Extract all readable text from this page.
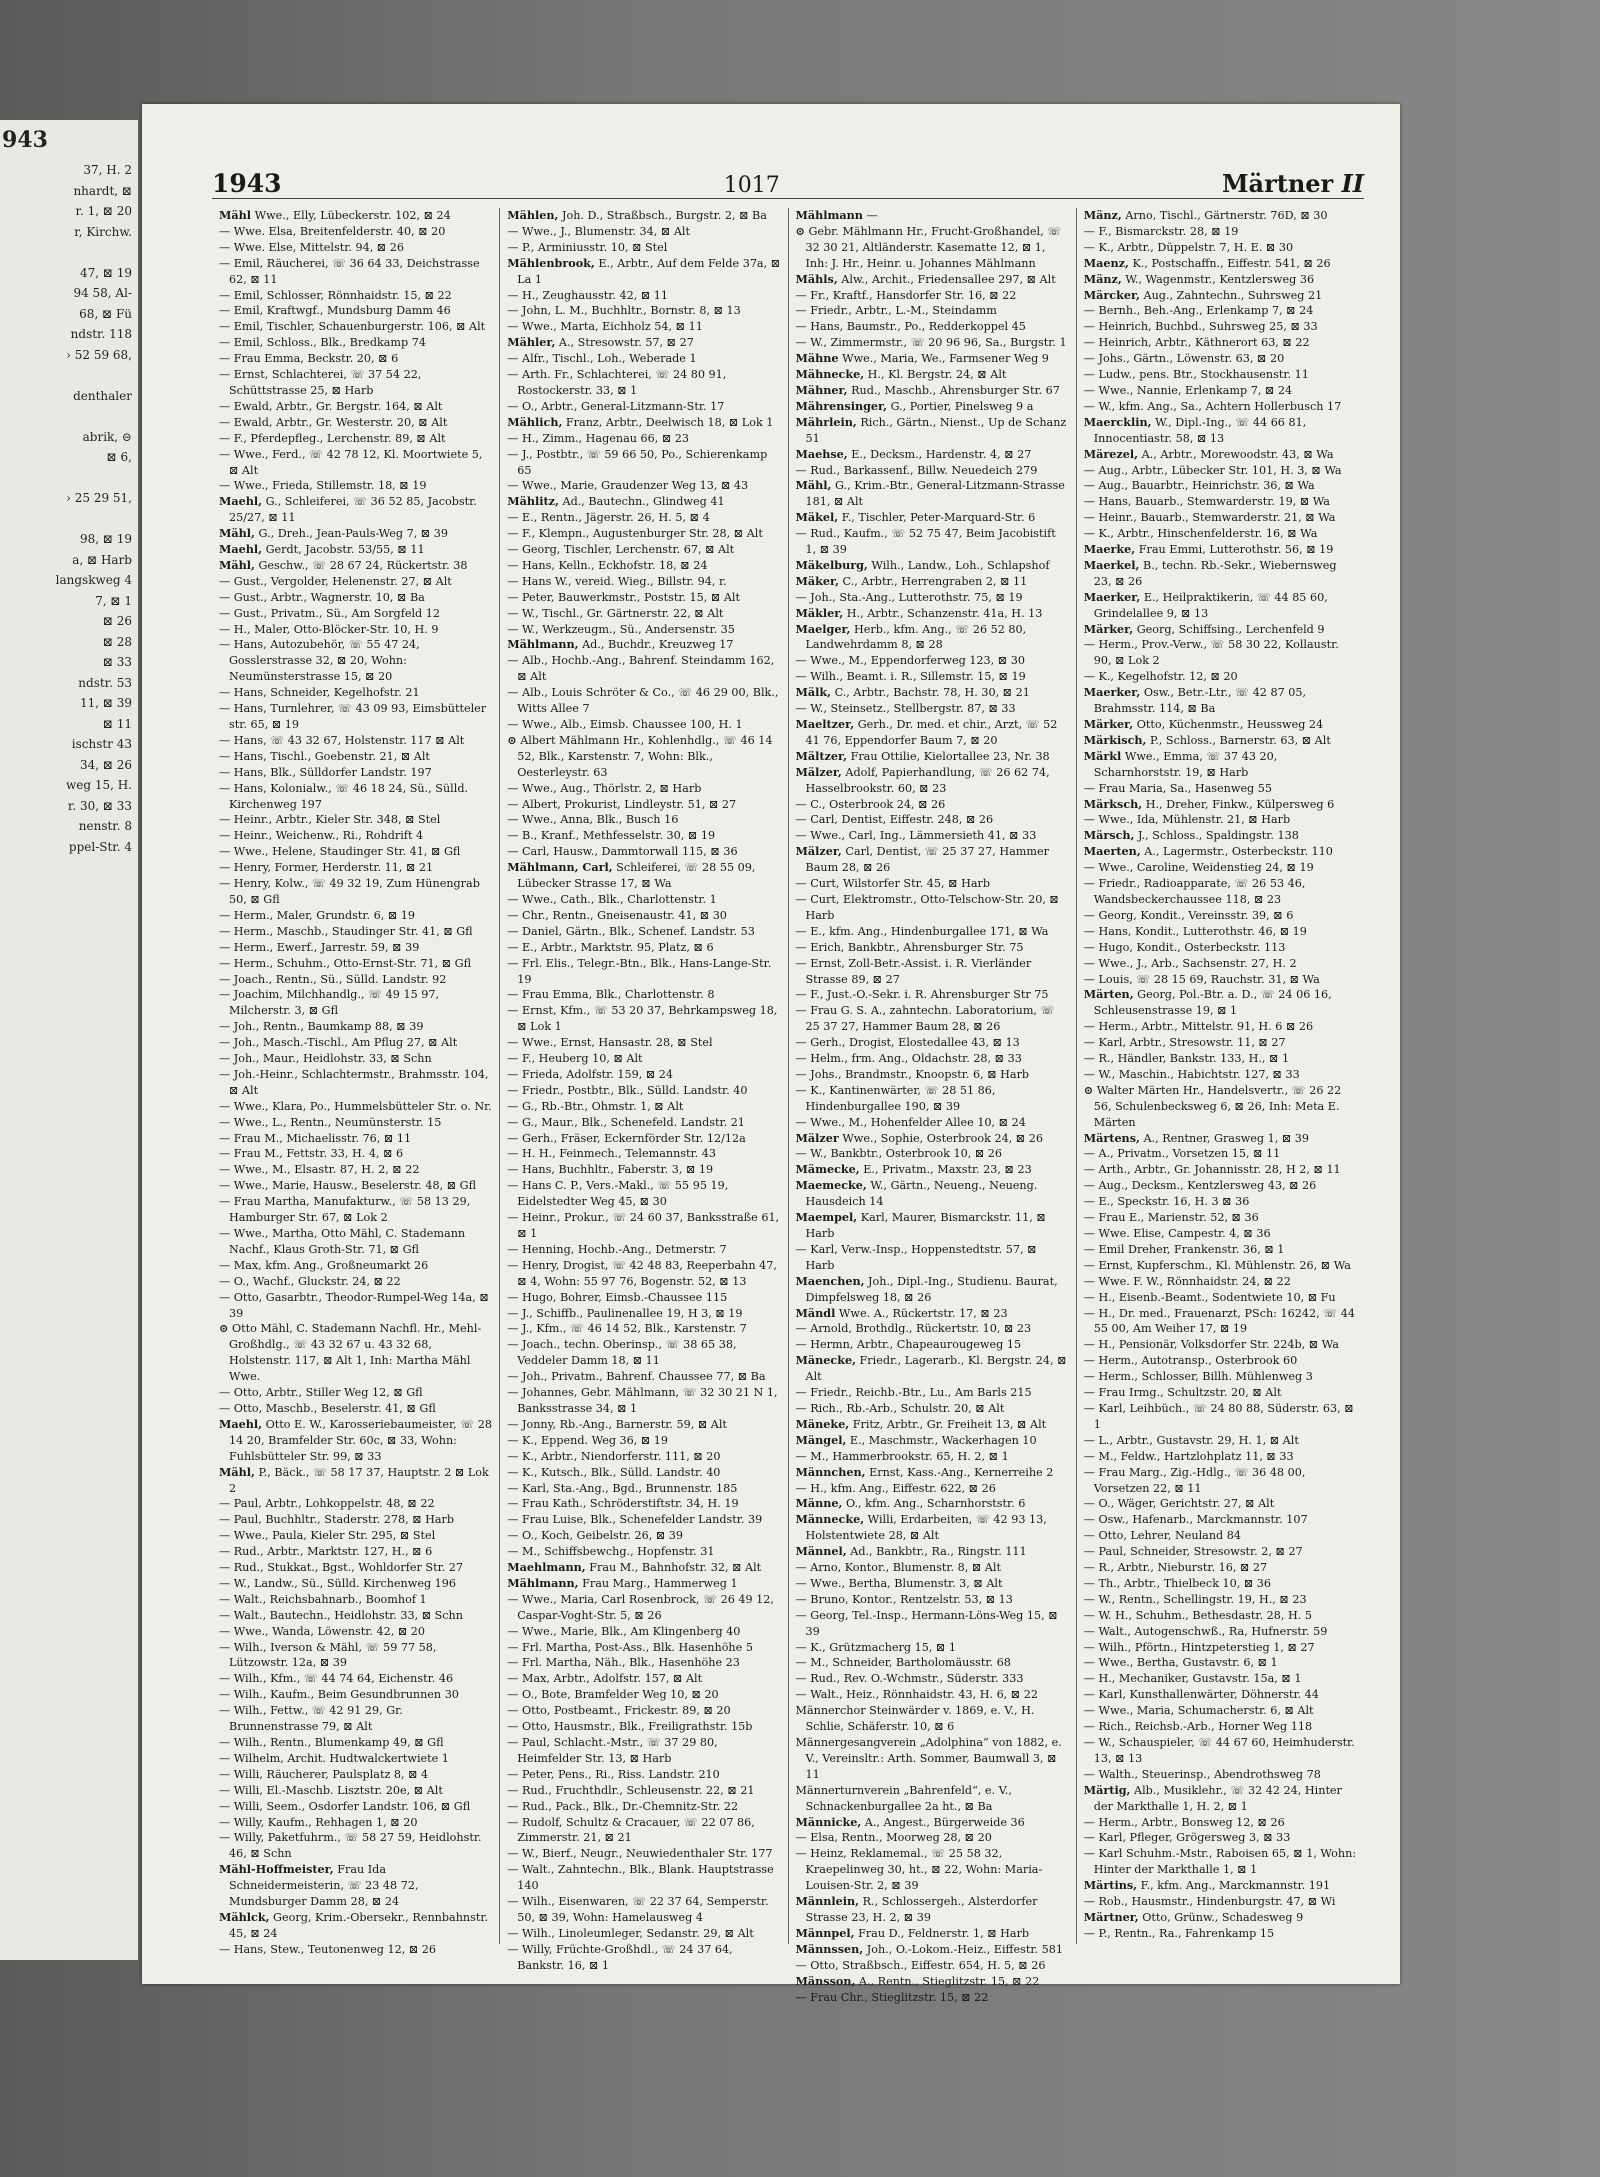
943
37, H. 2
nhardt, ⊠
r. 1, ⊠ 20
r, Kirchw.

47, ⊠ 19
94 58, Al-
68, ⊠ Fü
ndstr. 118
› 52 59 68,

denthaler

abrik, ⊝
⊠ 6,

› 25 29 51,

98, ⊠ 19
a, ⊠ Harb
langskweg 4
7, ⊠ 1
⊠ 26
⊠ 28
⊠ 33
ndstr. 53
11, ⊠ 39
⊠ 11
ischstr 43
34, ⊠ 26
weg 15, H.
r. 30, ⊠ 33
nenstr. 8
ppel-Str. 4
1943	1017	Märtner II
Mähl Wwe., Elly, Lübeckerstr. 102, ⊠ 24
— Wwe. Elsa, Breitenfelderstr. 40, ⊠ 20
— Wwe. Else, Mittelstr. 94, ⊠ 26
— Emil, Räucherei, ☏ 36 64 33, Deichstrasse 62, ⊠ 11
— Emil, Schlosser, Rönnhaidstr. 15, ⊠ 22
— Emil, Kraftwgf., Mundsburg Damm 46
— Emil, Tischler, Schauenburgerstr. 106, ⊠ Alt
— Emil, Schloss., Blk., Bredkamp 74
— Frau Emma, Beckstr. 20, ⊠ 6
— Ernst, Schlachterei, ☏ 37 54 22, Schüttstrasse 25, ⊠ Harb
— Ewald, Arbtr., Gr. Bergstr. 164, ⊠ Alt
— Ewald, Arbtr., Gr. Westerstr. 20, ⊠ Alt
— F., Pferdepfleg., Lerchenstr. 89, ⊠ Alt
— Wwe., Ferd., ☏ 42 78 12, Kl. Moortwiete 5, ⊠ Alt
— Wwe., Frieda, Stillemstr. 18, ⊠ 19
Maehl, G., Schleiferei, ☏ 36 52 85, Jacobstr. 25/27, ⊠ 11
Mähl, G., Dreh., Jean-Pauls-Weg 7, ⊠ 39
Maehl, Gerdt, Jacobstr. 53/55, ⊠ 11
Mähl, Geschw., ☏ 28 67 24, Rückertstr. 38
— Gust., Vergolder, Helenenstr. 27, ⊠ Alt
— Gust., Arbtr., Wagnerstr. 10, ⊠ Ba
— Gust., Privatm., Sü., Am Sorgfeld 12
— H., Maler, Otto-Blöcker-Str. 10, H. 9
— Hans, Autozubehör, ☏ 55 47 24, Gosslerstrasse 32, ⊠ 20, Wohn: Neumünsterstrasse 15, ⊠ 20
— Hans, Schneider, Kegelhofstr. 21
— Hans, Turnlehrer, ☏ 43 09 93, Eimsbütteler str. 65, ⊠ 19
— Hans, ☏ 43 32 67, Holstenstr. 117 ⊠ Alt
— Hans, Tischl., Goebenstr. 21, ⊠ Alt
— Hans, Blk., Sülldorfer Landstr. 197
— Hans, Kolonialw., ☏ 46 18 24, Sü., Sülld. Kirchenweg 197
— Heinr., Arbtr., Kieler Str. 348, ⊠ Stel
— Heinr., Weichenw., Ri., Rohdrift 4
— Wwe., Helene, Staudinger Str. 41, ⊠ Gfl
— Henry, Former, Herderstr. 11, ⊠ 21
— Henry, Kolw., ☏ 49 32 19, Zum Hünengrab 50, ⊠ Gfl
— Herm., Maler, Grundstr. 6, ⊠ 19
— Herm., Maschb., Staudinger Str. 41, ⊠ Gfl
— Herm., Ewerf., Jarrestr. 59, ⊠ 39
— Herm., Schuhm., Otto-Ernst-Str. 71, ⊠ Gfl
— Joach., Rentn., Sü., Sülld. Landstr. 92
— Joachim, Milchhandlg., ☏ 49 15 97, Milcherstr. 3, ⊠ Gfl
— Joh., Rentn., Baumkamp 88, ⊠ 39
— Joh., Masch.-Tischl., Am Pflug 27, ⊠ Alt
— Joh., Maur., Heidlohstr. 33, ⊠ Schn
— Joh.-Heinr., Schlachtermstr., Brahmsstr. 104, ⊠ Alt
— Wwe., Klara, Po., Hummelsbütteler Str. o. Nr.
— Wwe., L., Rentn., Neumünsterstr. 15
— Frau M., Michaelisstr. 76, ⊠ 11
— Frau M., Fettstr. 33, H. 4, ⊠ 6
— Wwe., M., Elsastr. 87, H. 2, ⊠ 22
— Wwe., Marie, Hausw., Beselerstr. 48, ⊠ Gfl
— Frau Martha, Manufakturw., ☏ 58 13 29, Hamburger Str. 67, ⊠ Lok 2
— Wwe., Martha, Otto Mähl, C. Stademann Nachf., Klaus Groth-Str. 71, ⊠ Gfl
— Max, kfm. Ang., Großneumarkt 26
— O., Wachf., Gluckstr. 24, ⊠ 22
— Otto, Gasarbtr., Theodor-Rumpel-Weg 14a, ⊠ 39
⊙ Otto Mähl, C. Stademann Nachfl. Hr., Mehl-Großhdlg., ☏ 43 32 67 u. 43 32 68, Holstenstr. 117, ⊠ Alt 1, Inh: Martha Mähl Wwe.
— Otto, Arbtr., Stiller Weg 12, ⊠ Gfl
— Otto, Maschb., Beselerstr. 41, ⊠ Gfl
Maehl, Otto E. W., Karosseriebaumeister, ☏ 28 14 20, Bramfelder Str. 60c, ⊠ 33, Wohn: Fuhlsbütteler Str. 99, ⊠ 33
Mähl, P., Bäck., ☏ 58 17 37, Hauptstr. 2 ⊠ Lok 2
— Paul, Arbtr., Lohkoppelstr. 48, ⊠ 22
— Paul, Buchhltr., Staderstr. 278, ⊠ Harb
— Wwe., Paula, Kieler Str. 295, ⊠ Stel
— Rud., Arbtr., Marktstr. 127, H., ⊠ 6
— Rud., Stukkat., Bgst., Wohldorfer Str. 27
— W., Landw., Sü., Sülld. Kirchenweg 196
— Walt., Reichsbahnarb., Boomhof 1
— Walt., Bautechn., Heidlohstr. 33, ⊠ Schn
— Wwe., Wanda, Löwenstr. 42, ⊠ 20
— Wilh., Iverson & Mähl, ☏ 59 77 58, Lützowstr. 12a, ⊠ 39
— Wilh., Kfm., ☏ 44 74 64, Eichenstr. 46
— Wilh., Kaufm., Beim Gesundbrunnen 30
— Wilh., Fettw., ☏ 42 91 29, Gr. Brunnenstrasse 79, ⊠ Alt
— Wilh., Rentn., Blumenkamp 49, ⊠ Gfl
— Wilhelm, Archit. Hudtwalckertwiete 1
— Willi, Räucherer, Paulsplatz 8, ⊠ 4
— Willi, El.-Maschb. Lisztstr. 20e, ⊠ Alt
— Willi, Seem., Osdorfer Landstr. 106, ⊠ Gfl
— Willy, Kaufm., Rehhagen 1, ⊠ 20
— Willy, Paketfuhrm., ☏ 58 27 59, Heidlohstr. 46, ⊠ Schn
Mähl-Hoffmeister, Frau Ida Schneidermeisterin, ☏ 23 48 72, Mundsburger Damm 28, ⊠ 24
Mählck, Georg, Krim.-Obersekr., Rennbahnstr. 45, ⊠ 24
— Hans, Stew., Teutonenweg 12, ⊠ 26
Mählen, Joh. D., Straßbsch., Burgstr. 2, ⊠ Ba
— Wwe., J., Blumenstr. 34, ⊠ Alt
— P., Arminiusstr. 10, ⊠ Stel
Mählenbrook, E., Arbtr., Auf dem Felde 37a, ⊠ La 1
— H., Zeughausstr. 42, ⊠ 11
— John, L. M., Buchhltr., Bornstr. 8, ⊠ 13
— Wwe., Marta, Eichholz 54, ⊠ 11
Mähler, A., Stresowstr. 57, ⊠ 27
— Alfr., Tischl., Loh., Weberade 1
— Arth. Fr., Schlachterei, ☏ 24 80 91, Rostockerstr. 33, ⊠ 1
— O., Arbtr., General-Litzmann-Str. 17
Mählich, Franz, Arbtr., Deelwisch 18, ⊠ Lok 1
— H., Zimm., Hagenau 66, ⊠ 23
— J., Postbtr., ☏ 59 66 50, Po., Schierenkamp 65
— Wwe., Marie, Graudenzer Weg 13, ⊠ 43
Mählitz, Ad., Bautechn., Glindweg 41
— E., Rentn., Jägerstr. 26, H. 5, ⊠ 4
— F., Klempn., Augustenburger Str. 28, ⊠ Alt
— Georg, Tischler, Lerchenstr. 67, ⊠ Alt
— Hans, Kelln., Eckhofstr. 18, ⊠ 24
— Hans W., vereid. Wieg., Billstr. 94, r.
— Peter, Bauwerkmstr., Poststr. 15, ⊠ Alt
— W., Tischl., Gr. Gärtnerstr. 22, ⊠ Alt
— W., Werkzeugm., Sü., Andersenstr. 35
Mählmann, Ad., Buchdr., Kreuzweg 17
— Alb., Hochb.-Ang., Bahrenf. Steindamm 162, ⊠ Alt
— Alb., Louis Schröter & Co., ☏ 46 29 00, Blk., Witts Allee 7
— Wwe., Alb., Eimsb. Chaussee 100, H. 1
⊙ Albert Mählmann Hr., Kohlenhdlg., ☏ 46 14 52, Blk., Karstenstr. 7, Wohn: Blk., Oesterleystr. 63
— Wwe., Aug., Thörlstr. 2, ⊠ Harb
— Albert, Prokurist, Lindleystr. 51, ⊠ 27
— Wwe., Anna, Blk., Busch 16
— B., Kranf., Methfesselstr. 30, ⊠ 19
— Carl, Hausw., Dammtorwall 115, ⊠ 36
Mählmann, Carl, Schleiferei, ☏ 28 55 09, Lübecker Strasse 17, ⊠ Wa
— Wwe., Cath., Blk., Charlottenstr. 1
— Chr., Rentn., Gneisenaustr. 41, ⊠ 30
— Daniel, Gärtn., Blk., Schenef. Landstr. 53
— E., Arbtr., Marktstr. 95, Platz, ⊠ 6
— Frl. Elis., Telegr.-Btn., Blk., Hans-Lange-Str. 19
— Frau Emma, Blk., Charlottenstr. 8
— Ernst, Kfm., ☏ 53 20 37, Behrkampsweg 18, ⊠ Lok 1
— Wwe., Ernst, Hansastr. 28, ⊠ Stel
— F., Heuberg 10, ⊠ Alt
— Frieda, Adolfstr. 159, ⊠ 24
— Friedr., Postbtr., Blk., Sülld. Landstr. 40
— G., Rb.-Btr., Ohmstr. 1, ⊠ Alt
— G., Maur., Blk., Schenefeld. Landstr. 21
— Gerh., Fräser, Eckernförder Str. 12/12a
— H. H., Feinmech., Telemannstr. 43
— Hans, Buchhltr., Faberstr. 3, ⊠ 19
— Hans C. P., Vers.-Makl., ☏ 55 95 19, Eidelstedter Weg 45, ⊠ 30
— Heinr., Prokur., ☏ 24 60 37, Banksstraße 61, ⊠ 1
— Henning, Hochb.-Ang., Detmerstr. 7
— Henry, Drogist, ☏ 42 48 83, Reeperbahn 47, ⊠ 4, Wohn: 55 97 76, Bogenstr. 52, ⊠ 13
— Hugo, Bohrer, Eimsb.-Chaussee 115
— J., Schiffb., Paulinenallee 19, H 3, ⊠ 19
— J., Kfm., ☏ 46 14 52, Blk., Karstenstr. 7
— Joach., techn. Oberinsp., ☏ 38 65 38, Veddeler Damm 18, ⊠ 11
— Joh., Privatm., Bahrenf. Chaussee 77, ⊠ Ba
— Johannes, Gebr. Mählmann, ☏ 32 30 21 N 1, Banksstrasse 34, ⊠ 1
— Jonny, Rb.-Ang., Barnerstr. 59, ⊠ Alt
— K., Eppend. Weg 36, ⊠ 19
— K., Arbtr., Niendorferstr. 111, ⊠ 20
— K., Kutsch., Blk., Sülld. Landstr. 40
— Karl, Sta.-Ang., Bgd., Brunnenstr. 185
— Frau Kath., Schröderstiftstr. 34, H. 19
— Frau Luise, Blk., Schenefelder Landstr. 39
— O., Koch, Geibelstr. 26, ⊠ 39
— M., Schiffsbewchg., Hopfenstr. 31
Maehlmann, Frau M., Bahnhofstr. 32, ⊠ Alt
Mählmann, Frau Marg., Hammerweg 1
— Wwe., Maria, Carl Rosenbrock, ☏ 26 49 12, Caspar-Voght-Str. 5, ⊠ 26
— Wwe., Marie, Blk., Am Klingenberg 40
— Frl. Martha, Post-Ass., Blk. Hasenhöhe 5
— Frl. Martha, Näh., Blk., Hasenhöhe 23
— Max, Arbtr., Adolfstr. 157, ⊠ Alt
— O., Bote, Bramfelder Weg 10, ⊠ 20
— Otto, Postbeamt., Frickestr. 89, ⊠ 20
— Otto, Hausmstr., Blk., Freiligrathstr. 15b
— Paul, Schlacht.-Mstr., ☏ 37 29 80, Heimfelder Str. 13, ⊠ Harb
— Peter, Pens., Ri., Riss. Landstr. 210
— Rud., Fruchthdlr., Schleusenstr. 22, ⊠ 21
— Rud., Pack., Blk., Dr.-Chemnitz-Str. 22
— Rudolf, Schultz & Cracauer, ☏ 22 07 86, Zimmerstr. 21, ⊠ 21
— W., Bierf., Neugr., Neuwiedenthaler Str. 177
— Walt., Zahntechn., Blk., Blank. Hauptstrasse 140
— Wilh., Eisenwaren, ☏ 22 37 64, Semperstr. 50, ⊠ 39, Wohn: Hamelausweg 4
— Wilh., Linoleumleger, Sedanstr. 29, ⊠ Alt
— Willy, Früchte-Großhdl., ☏ 24 37 64, Bankstr. 16, ⊠ 1
Mählmann —
⊙ Gebr. Mählmann Hr., Frucht-Großhandel, ☏ 32 30 21, Altländerstr. Kasematte 12, ⊠ 1, Inh: J. Hr., Heinr. u. Johannes Mählmann
Mähls, Alw., Archit., Friedensallee 297, ⊠ Alt
— Fr., Kraftf., Hansdorfer Str. 16, ⊠ 22
— Friedr., Arbtr., L.-M., Steindamm
— Hans, Baumstr., Po., Redderkoppel 45
— W., Zimmermstr., ☏ 20 96 96, Sa., Burgstr. 1
Mähne Wwe., Maria, We., Farmsener Weg 9
Mähnecke, H., Kl. Bergstr. 24, ⊠ Alt
Mähner, Rud., Maschb., Ahrensburger Str. 67
Mährensinger, G., Portier, Pinelsweg 9 a
Mährlein, Rich., Gärtn., Nienst., Up de Schanz 51
Maehse, E., Decksm., Hardenstr. 4, ⊠ 27
— Rud., Barkassenf., Billw. Neuedeich 279
Mähl, G., Krim.-Btr., General-Litzmann-Strasse 181, ⊠ Alt
Mäkel, F., Tischler, Peter-Marquard-Str. 6
— Rud., Kaufm., ☏ 52 75 47, Beim Jacobistift 1, ⊠ 39
Mäkelburg, Wilh., Landw., Loh., Schlapshof
Mäker, C., Arbtr., Herrengraben 2, ⊠ 11
— Joh., Sta.-Ang., Lutterothstr. 75, ⊠ 19
Mäkler, H., Arbtr., Schanzenstr. 41a, H. 13
Maelger, Herb., kfm. Ang., ☏ 26 52 80, Landwehrdamm 8, ⊠ 28
— Wwe., M., Eppendorferweg 123, ⊠ 30
— Wilh., Beamt. i. R., Sillemstr. 15, ⊠ 19
Mälk, C., Arbtr., Bachstr. 78, H. 30, ⊠ 21
— W., Steinsetz., Stellbergstr. 87, ⊠ 33
Maeltzer, Gerh., Dr. med. et chir., Arzt, ☏ 52 41 76, Eppendorfer Baum 7, ⊠ 20
Mältzer, Frau Ottilie, Kielortallee 23, Nr. 38
Mälzer, Adolf, Papierhandlung, ☏ 26 62 74, Hasselbrookstr. 60, ⊠ 23
— C., Osterbrook 24, ⊠ 26
— Carl, Dentist, Eiffestr. 248, ⊠ 26
— Wwe., Carl, Ing., Lämmersieth 41, ⊠ 33
Mälzer, Carl, Dentist, ☏ 25 37 27, Hammer Baum 28, ⊠ 26
— Curt, Wilstorfer Str. 45, ⊠ Harb
— Curt, Elektromstr., Otto-Telschow-Str. 20, ⊠ Harb
— E., kfm. Ang., Hindenburgallee 171, ⊠ Wa
— Erich, Bankbtr., Ahrensburger Str. 75
— Ernst, Zoll-Betr.-Assist. i. R. Vierländer Strasse 89, ⊠ 27
— F., Just.-O.-Sekr. i. R. Ahrensburger Str 75
— Frau G. S. A., zahntechn. Laboratorium, ☏ 25 37 27, Hammer Baum 28, ⊠ 26
— Gerh., Drogist, Elostedallee 43, ⊠ 13
— Helm., frm. Ang., Oldachstr. 28, ⊠ 33
— Johs., Brandmstr., Knoopstr. 6, ⊠ Harb
— K., Kantinenwärter, ☏ 28 51 86, Hindenburgallee 190, ⊠ 39
— Wwe., M., Hohenfelder Allee 10, ⊠ 24
Mälzer Wwe., Sophie, Osterbrook 24, ⊠ 26
— W., Bankbtr., Osterbrook 10, ⊠ 26
Mämecke, E., Privatm., Maxstr. 23, ⊠ 23
Maemecke, W., Gärtn., Neueng., Neueng. Hausdeich 14
Maempel, Karl, Maurer, Bismarckstr. 11, ⊠ Harb
— Karl, Verw.-Insp., Hoppenstedtstr. 57, ⊠ Harb
Maenchen, Joh., Dipl.-Ing., Studienu. Baurat, Dimpfelsweg 18, ⊠ 26
Mändl Wwe. A., Rückertstr. 17, ⊠ 23
— Arnold, Brothdlg., Rückertstr. 10, ⊠ 23
— Hermn, Arbtr., Chapeaurougeweg 15
Mänecke, Friedr., Lagerarb., Kl. Bergstr. 24, ⊠ Alt
— Friedr., Reichb.-Btr., Lu., Am Barls 215
— Rich., Rb.-Arb., Schulstr. 20, ⊠ Alt
Mäneke, Fritz, Arbtr., Gr. Freiheit 13, ⊠ Alt
Mängel, E., Maschmstr., Wackerhagen 10
— M., Hammerbrookstr. 65, H. 2, ⊠ 1
Männchen, Ernst, Kass.-Ang., Kernerreihe 2
— H., kfm. Ang., Eiffestr. 622, ⊠ 26
Männe, O., kfm. Ang., Scharnhorststr. 6
Männecke, Willi, Erdarbeiten, ☏ 42 93 13, Holstentwiete 28, ⊠ Alt
Männel, Ad., Bankbtr., Ra., Ringstr. 111
— Arno, Kontor., Blumenstr. 8, ⊠ Alt
— Wwe., Bertha, Blumenstr. 3, ⊠ Alt
— Bruno, Kontor., Rentzelstr. 53, ⊠ 13
— Georg, Tel.-Insp., Hermann-Löns-Weg 15, ⊠ 39
— K., Grützmacherg 15, ⊠ 1
— M., Schneider, Bartholomäusstr. 68
— Rud., Rev. O.-Wchmstr., Süderstr. 333
— Walt., Heiz., Rönnhaidstr. 43, H. 6, ⊠ 22
Männerchor Steinwärder v. 1869, e. V., H. Schlie, Schäferstr. 10, ⊠ 6
Männergesangverein „Adolphina“ von 1882, e. V., Vereinsltr.: Arth. Sommer, Baumwall 3, ⊠ 11
Männerturnverein „Bahrenfeld“, e. V., Schnackenburgallee 2a ht., ⊠ Ba
Männicke, A., Angest., Bürgerweide 36
— Elsa, Rentn., Moorweg 28, ⊠ 20
— Heinz, Reklamemal., ☏ 25 58 32, Kraepelinweg 30, ht., ⊠ 22, Wohn: Maria-Louisen-Str. 2, ⊠ 39
Männlein, R., Schlossergeh., Alsterdorfer Strasse 23, H. 2, ⊠ 39
Männpel, Frau D., Feldnerstr. 1, ⊠ Harb
Männssen, Joh., O.-Lokom.-Heiz., Eiffestr. 581
— Otto, Straßbsch., Eiffestr. 654, H. 5, ⊠ 26
Mänsson, A., Rentn., Stieglitzstr. 15, ⊠ 22
— Frau Chr., Stieglitzstr. 15, ⊠ 22
Mänz, Arno, Tischl., Gärtnerstr. 76D, ⊠ 30
— F., Bismarckstr. 28, ⊠ 19
— K., Arbtr., Düppelstr. 7, H. E. ⊠ 30
Maenz, K., Postschaffn., Eiffestr. 541, ⊠ 26
Mänz, W., Wagenmstr., Kentzlersweg 36
Märcker, Aug., Zahntechn., Suhrsweg 21
— Bernh., Beh.-Ang., Erlenkamp 7, ⊠ 24
— Heinrich, Buchbd., Suhrsweg 25, ⊠ 33
— Heinrich, Arbtr., Käthnerort 63, ⊠ 22
— Johs., Gärtn., Löwenstr. 63, ⊠ 20
— Ludw., pens. Btr., Stockhausenstr. 11
— Wwe., Nannie, Erlenkamp 7, ⊠ 24
— W., kfm. Ang., Sa., Achtern Hollerbusch 17
Maercklin, W., Dipl.-Ing., ☏ 44 66 81, Innocentiastr. 58, ⊠ 13
Märezel, A., Arbtr., Morewoodstr. 43, ⊠ Wa
— Aug., Arbtr., Lübecker Str. 101, H. 3, ⊠ Wa
— Aug., Bauarbtr., Heinrichstr. 36, ⊠ Wa
— Hans, Bauarb., Stemwarderstr. 19, ⊠ Wa
— Heinr., Bauarb., Stemwarderstr. 21, ⊠ Wa
— K., Arbtr., Hinschenfelderstr. 16, ⊠ Wa
Maerke, Frau Emmi, Lutterothstr. 56, ⊠ 19
Maerkel, B., techn. Rb.-Sekr., Wiebernsweg 23, ⊠ 26
Maerker, E., Heilpraktikerin, ☏ 44 85 60, Grindelallee 9, ⊠ 13
Märker, Georg, Schiffsing., Lerchenfeld 9
— Herm., Prov.-Verw., ☏ 58 30 22, Kollaustr. 90, ⊠ Lok 2
— K., Kegelhofstr. 12, ⊠ 20
Maerker, Osw., Betr.-Ltr., ☏ 42 87 05, Brahmsstr. 114, ⊠ Ba
Märker, Otto, Küchenmstr., Heussweg 24
Märkisch, P., Schloss., Barnerstr. 63, ⊠ Alt
Märkl Wwe., Emma, ☏ 37 43 20, Scharnhorststr. 19, ⊠ Harb
— Frau Maria, Sa., Hasenweg 55
Märksch, H., Dreher, Finkw., Külpersweg 6
— Wwe., Ida, Mühlenstr. 21, ⊠ Harb
Märsch, J., Schloss., Spaldingstr. 138
Maerten, A., Lagermstr., Osterbeckstr. 110
— Wwe., Caroline, Weidenstieg 24, ⊠ 19
— Friedr., Radioapparate, ☏ 26 53 46, Wandsbeckerchaussee 118, ⊠ 23
— Georg, Kondit., Vereinsstr. 39, ⊠ 6
— Hans, Kondit., Lutterothstr. 46, ⊠ 19
— Hugo, Kondit., Osterbeckstr. 113
— Wwe., J., Arb., Sachsenstr. 27, H. 2
— Louis, ☏ 28 15 69, Rauchstr. 31, ⊠ Wa
Märten, Georg, Pol.-Btr. a. D., ☏ 24 06 16, Schleusenstrasse 19, ⊠ 1
— Herm., Arbtr., Mittelstr. 91, H. 6 ⊠ 26
— Karl, Arbtr., Stresowstr. 11, ⊠ 27
— R., Händler, Bankstr. 133, H., ⊠ 1
— W., Maschin., Habichtstr. 127, ⊠ 33
⊙ Walter Märten Hr., Handelsvertr., ☏ 26 22 56, Schulenbecksweg 6, ⊠ 26, Inh: Meta E. Märten
Märtens, A., Rentner, Grasweg 1, ⊠ 39
— A., Privatm., Vorsetzen 15, ⊠ 11
— Arth., Arbtr., Gr. Johannisstr. 28, H 2, ⊠ 11
— Aug., Decksm., Kentzlersweg 43, ⊠ 26
— E., Speckstr. 16, H. 3 ⊠ 36
— Frau E., Marienstr. 52, ⊠ 36
— Wwe. Elise, Campestr. 4, ⊠ 36
— Emil Dreher, Frankenstr. 36, ⊠ 1
— Ernst, Kupferschm., Kl. Mühlenstr. 26, ⊠ Wa
— Wwe. F. W., Rönnhaidstr. 24, ⊠ 22
— H., Eisenb.-Beamt., Sodentwiete 10, ⊠ Fu
— H., Dr. med., Frauenarzt, PSch: 16242, ☏ 44 55 00, Am Weiher 17, ⊠ 19
— H., Pensionär, Volksdorfer Str. 224b, ⊠ Wa
— Herm., Autotransp., Osterbrook 60
— Herm., Schlosser, Billh. Mühlenweg 3
— Frau Irmg., Schultzstr. 20, ⊠ Alt
— Karl, Leihbüch., ☏ 24 80 88, Süderstr. 63, ⊠ 1
— L., Arbtr., Gustavstr. 29, H. 1, ⊠ Alt
— M., Feldw., Hartzlohplatz 11, ⊠ 33
— Frau Marg., Zig.-Hdlg., ☏ 36 48 00, Vorsetzen 22, ⊠ 11
— O., Wäger, Gerichtstr. 27, ⊠ Alt
— Osw., Hafenarb., Marckmannstr. 107
— Otto, Lehrer, Neuland 84
— Paul, Schneider, Stresowstr. 2, ⊠ 27
— R., Arbtr., Nieburstr. 16, ⊠ 27
— Th., Arbtr., Thielbeck 10, ⊠ 36
— W., Rentn., Schellingstr. 19, H., ⊠ 23
— W. H., Schuhm., Bethesdastr. 28, H. 5
— Walt., Autogenschwß., Ra, Hufnerstr. 59
— Wilh., Pförtn., Hintzpeterstieg 1, ⊠ 27
— Wwe., Bertha, Gustavstr. 6, ⊠ 1
— H., Mechaniker, Gustavstr. 15a, ⊠ 1
— Karl, Kunsthallenwärter, Döhnerstr. 44
— Wwe., Maria, Schumacherstr. 6, ⊠ Alt
— Rich., Reichsb.-Arb., Horner Weg 118
— W., Schauspieler, ☏ 44 67 60, Heimhuderstr. 13, ⊠ 13
— Walth., Steuerinsp., Abendrothsweg 78
Märtig, Alb., Musiklehr., ☏ 32 42 24, Hinter der Markthalle 1, H. 2, ⊠ 1
— Herm., Arbtr., Bonsweg 12, ⊠ 26
— Karl, Pfleger, Grögersweg 3, ⊠ 33
— Karl Schuhm.-Mstr., Raboisen 65, ⊠ 1, Wohn: Hinter der Markthalle 1, ⊠ 1
Märtins, F., kfm. Ang., Marckmannstr. 191
— Rob., Hausmstr., Hindenburgstr. 47, ⊠ Wi
Märtner, Otto, Grünw., Schadesweg 9
— P., Rentn., Ra., Fahrenkamp 15
